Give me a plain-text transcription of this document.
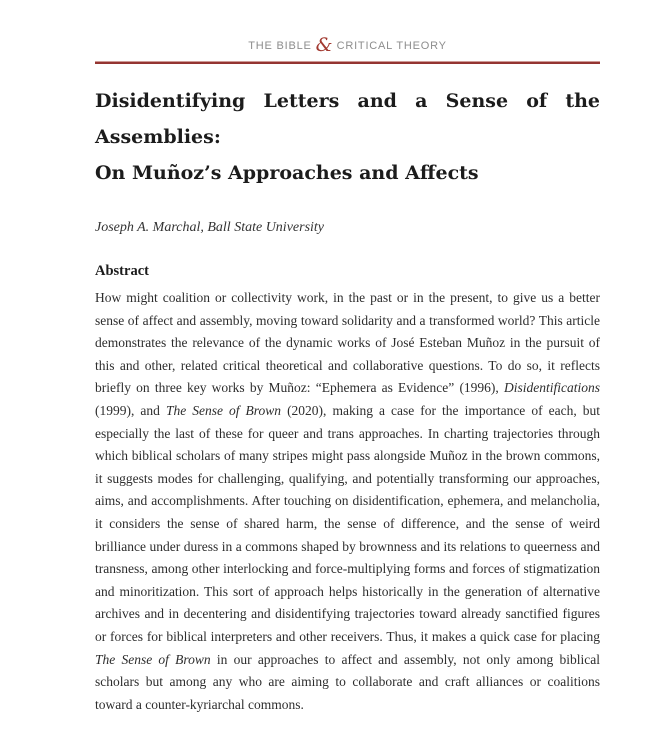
THE BIBLE & CRITICAL THEORY
Disidentifying Letters and a Sense of the
Assemblies:
On Muñoz’s Approaches and Affects
Joseph A. Marchal, Ball State University
Abstract
How might coalition or collectivity work, in the past or in the present, to give us a better sense of affect and assembly, moving toward solidarity and a transformed world? This article demonstrates the relevance of the dynamic works of José Esteban Muñoz in the pursuit of this and other, related critical theoretical and collaborative questions. To do so, it reflects briefly on three key works by Muñoz: “Ephemera as Evidence” (1996), Disidentifications (1999), and The Sense of Brown (2020), making a case for the importance of each, but especially the last of these for queer and trans approaches. In charting trajectories through which biblical scholars of many stripes might pass alongside Muñoz in the brown commons, it suggests modes for challenging, qualifying, and potentially transforming our approaches, aims, and accomplishments. After touching on disidentification, ephemera, and melancholia, it considers the sense of shared harm, the sense of difference, and the sense of weird brilliance under duress in a commons shaped by brownness and its relations to queerness and transness, among other interlocking and force-multiplying forms and forces of stigmatization and minoritization. This sort of approach helps historically in the generation of alternative archives and in decentering and disidentifying trajectories toward already sanctified figures or forces for biblical interpreters and other receivers. Thus, it makes a quick case for placing The Sense of Brown in our approaches to affect and assembly, not only among biblical scholars but among any who are aiming to collaborate and craft alliances or coalitions toward a counter-kyriarchal commons.
